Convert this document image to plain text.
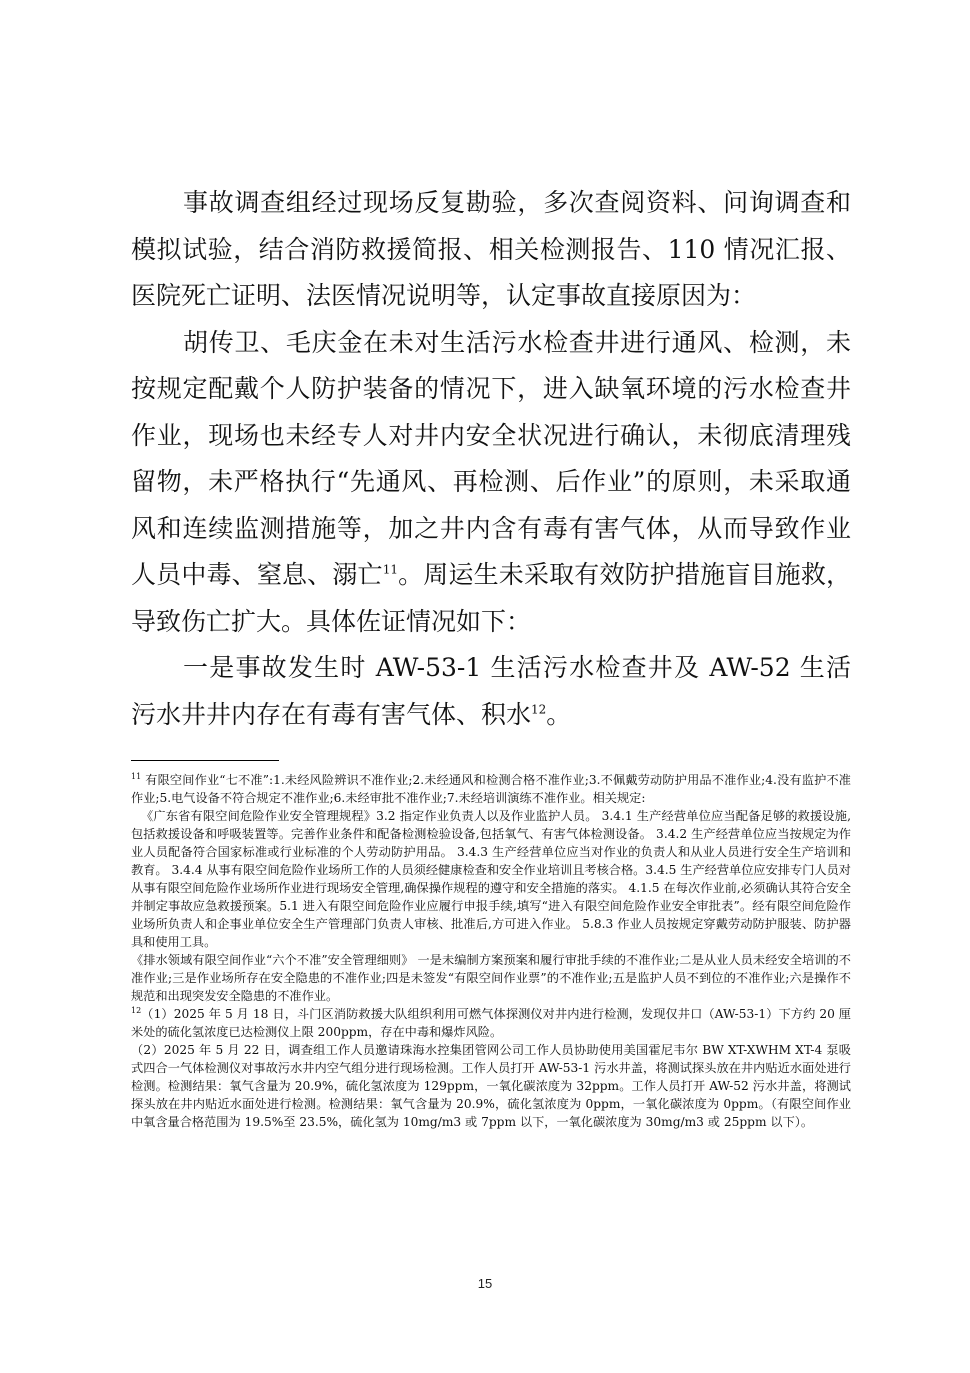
事故调查组经过现场反复勘验，多次查阅资料、问询调查和模拟试验，结合消防救援简报、相关检测报告、110 情况汇报、医院死亡证明、法医情况说明等，认定事故直接原因为：

胡传卫、毛庆金在未对生活污水检查井进行通风、检测，未按规定配戴个人防护装备的情况下，进入缺氧环境的污水检查井作业，现场也未经专人对井内安全状况进行确认，未彻底清理残留物，未严格执行“先通风、再检测、后作业”的原则，未采取通风和连续监测措施等，加之井内含有毒有害气体，从而导致作业人员中毒、窒息、溺亡$^{11}$。周运生未采取有效防护措施盲目施救，导致伤亡扩大。具体佐证情况如下：

一是事故发生时 AW-53-1 生活污水检查井及 AW-52 生活污水井井内存在有毒有害气体、积水$^{12}$。

$^{11}$ 有限空间作业“七不准”:1.未经风险辨识不准作业;2.未经通风和检测合格不准作业;3.不佩戴劳动防护用品不准作业;4.没有监护不准作业;5.电气设备不符合规定不准作业;6.未经审批不准作业;7.未经培训演练不准作业。相关规定:

《广东省有限空间危险作业安全管理规程》3.2 指定作业负责人以及作业监护人员。 3.4.1 生产经营单位应当配备足够的救援设施,包括救援设备和呼吸装置等。完善作业条件和配备检测检验设备,包括氧气、有害气体检测设备。 3.4.2 生产经营单位应当按规定为作业人员配备符合国家标准或行业标准的个人劳动防护用品。 3.4.3 生产经营单位应当对作业的负责人和从业人员进行安全生产培训和教育。 3.4.4 从事有限空间危险作业场所工作的人员须经健康检查和安全作业培训且考核合格。3.4.5 生产经营单位应安排专门人员对从事有限空间危险作业场所作业进行现场安全管理,确保操作规程的遵守和安全措施的落实。 4.1.5 在每次作业前,必须确认其符合安全并制定事故应急救援预案。5.1 进入有限空间危险作业应履行申报手续,填写“进入有限空间危险作业安全审批表”。经有限空间危险作业场所负责人和企事业单位安全生产管理部门负责人审核、批准后,方可进入作业。 5.8.3 作业人员按规定穿戴劳动防护服装、防护器具和使用工具。

《排水领域有限空间作业“六个不准”安全管理细则》 一是未编制方案预案和履行审批手续的不准作业;二是从业人员未经安全培训的不准作业;三是作业场所存在安全隐患的不准作业;四是未签发“有限空间作业票”的不准作业;五是监护人员不到位的不准作业;六是操作不规范和出现突发安全隐患的不准作业。

$^{12}$（1）2025 年 5 月 18 日，斗门区消防救援大队组织利用可燃气体探测仪对井内进行检测，发现仅井口（AW-53-1）下方约 20 厘米处的硫化氢浓度已达检测仪上限 200ppm，存在中毒和爆炸风险。

（2）2025 年 5 月 22 日，调查组工作人员邀请珠海水控集团管网公司工作人员协助使用美国霍尼韦尔 BW XT-XWHM XT-4 泵吸式四合一气体检测仪对事故污水井内空气组分进行现场检测。工作人员打开 AW-53-1 污水井盖，将测试探头放在井内贴近水面处进行检测。检测结果：氧气含量为 20.9%，硫化氢浓度为 129ppm，一氧化碳浓度为 32ppm。工作人员打开 AW-52 污水井盖，将测试探头放在井内贴近水面处进行检测。检测结果：氧气含量为 20.9%，硫化氢浓度为 0ppm，一氧化碳浓度为 0ppm。（有限空间作业中氧含量合格范围为 19.5%至 23.5%，硫化氢为 10mg/m3 或 7ppm 以下，一氧化碳浓度为 30mg/m3 或 25ppm 以下）。

15
